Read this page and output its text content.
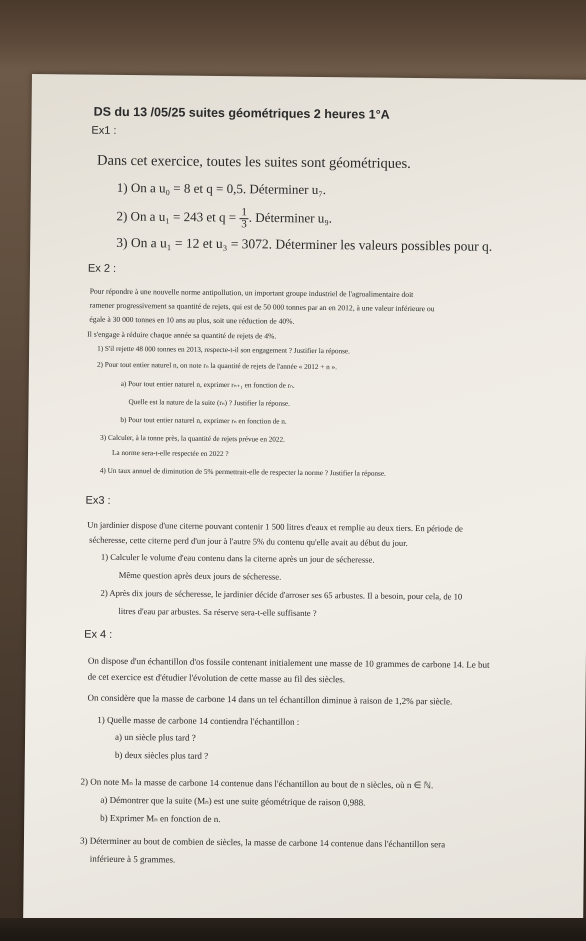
DS du 13 /05/25 suites géométriques 2 heures 1°A
Ex1 :
Dans cet exercice, toutes les suites sont géométriques.
1) On a u₀ = 8 et q = 0,5. Déterminer u₇.
2) On a u₁ = 243 et $q = \frac{1}{3}$ . Déterminer u₉.
3) On a u₁ = 12 et u₃ = 3072. Déterminer les valeurs possibles pour q.
Ex 2 :
Pour répondre à une nouvelle norme antipollution, un important groupe industriel de l'agroalimentaire doit
ramener progressivement sa quantité de rejets, qui est de 50 000 tonnes par an en 2012, à une valeur inférieure ou
égale à 30 000 tonnes en 10 ans au plus, soit une réduction de 40%.
Il s'engage à réduire chaque année sa quantité de rejets de 4%.
1) S'il rejette 48 000 tonnes en 2013, respecte-t-il son engagement ? Justifier la réponse.
2) Pour tout entier naturel n, on note rₙ la quantité de rejets de l'année « 2012 + n ».
a) Pour tout entier naturel n, exprimer rₙ₊₁ en fonction de rₙ.
Quelle est la nature de la suite (rₙ) ? Justifier la réponse.
b) Pour tout entier naturel n, exprimer rₙ en fonction de n.
3) Calculer, à la tonne près, la quantité de rejets prévue en 2022.
La norme sera-t-elle respectée en 2022 ?
4) Un taux annuel de diminution de 5% permettrait-elle de respecter la norme ? Justifier la réponse.
Ex3 :
Un jardinier dispose d'une citerne pouvant contenir 1 500 litres d'eaux et remplie au deux tiers. En période de
sécheresse, cette citerne perd d'un jour à l'autre 5% du contenu qu'elle avait au début du jour.
1) Calculer le volume d'eau contenu dans la citerne après un jour de sécheresse.
Même question après deux jours de sécheresse.
2) Après dix jours de sécheresse, le jardinier décide d'arroser ses 65 arbustes. Il a besoin, pour cela, de 10
litres d'eau par arbustes. Sa réserve sera-t-elle suffisante ?
Ex 4 :
On dispose d'un échantillon d'os fossile contenant initialement une masse de 10 grammes de carbone 14. Le but
de cet exercice est d'étudier l'évolution de cette masse au fil des siècles.
On considère que la masse de carbone 14 dans un tel échantillon diminue à raison de 1,2% par siècle.
1) Quelle masse de carbone 14 contiendra l'échantillon :
a) un siècle plus tard ?
b) deux siècles plus tard ?
2) On note Mₙ la masse de carbone 14 contenue dans l'échantillon au bout de n siècles, où n ∈ ℕ.
a) Démontrer que la suite (Mₙ) est une suite géométrique de raison 0,988.
b) Exprimer Mₙ en fonction de n.
3) Déterminer au bout de combien de siècles, la masse de carbone 14 contenue dans l'échantillon sera
inférieure à 5 grammes.
